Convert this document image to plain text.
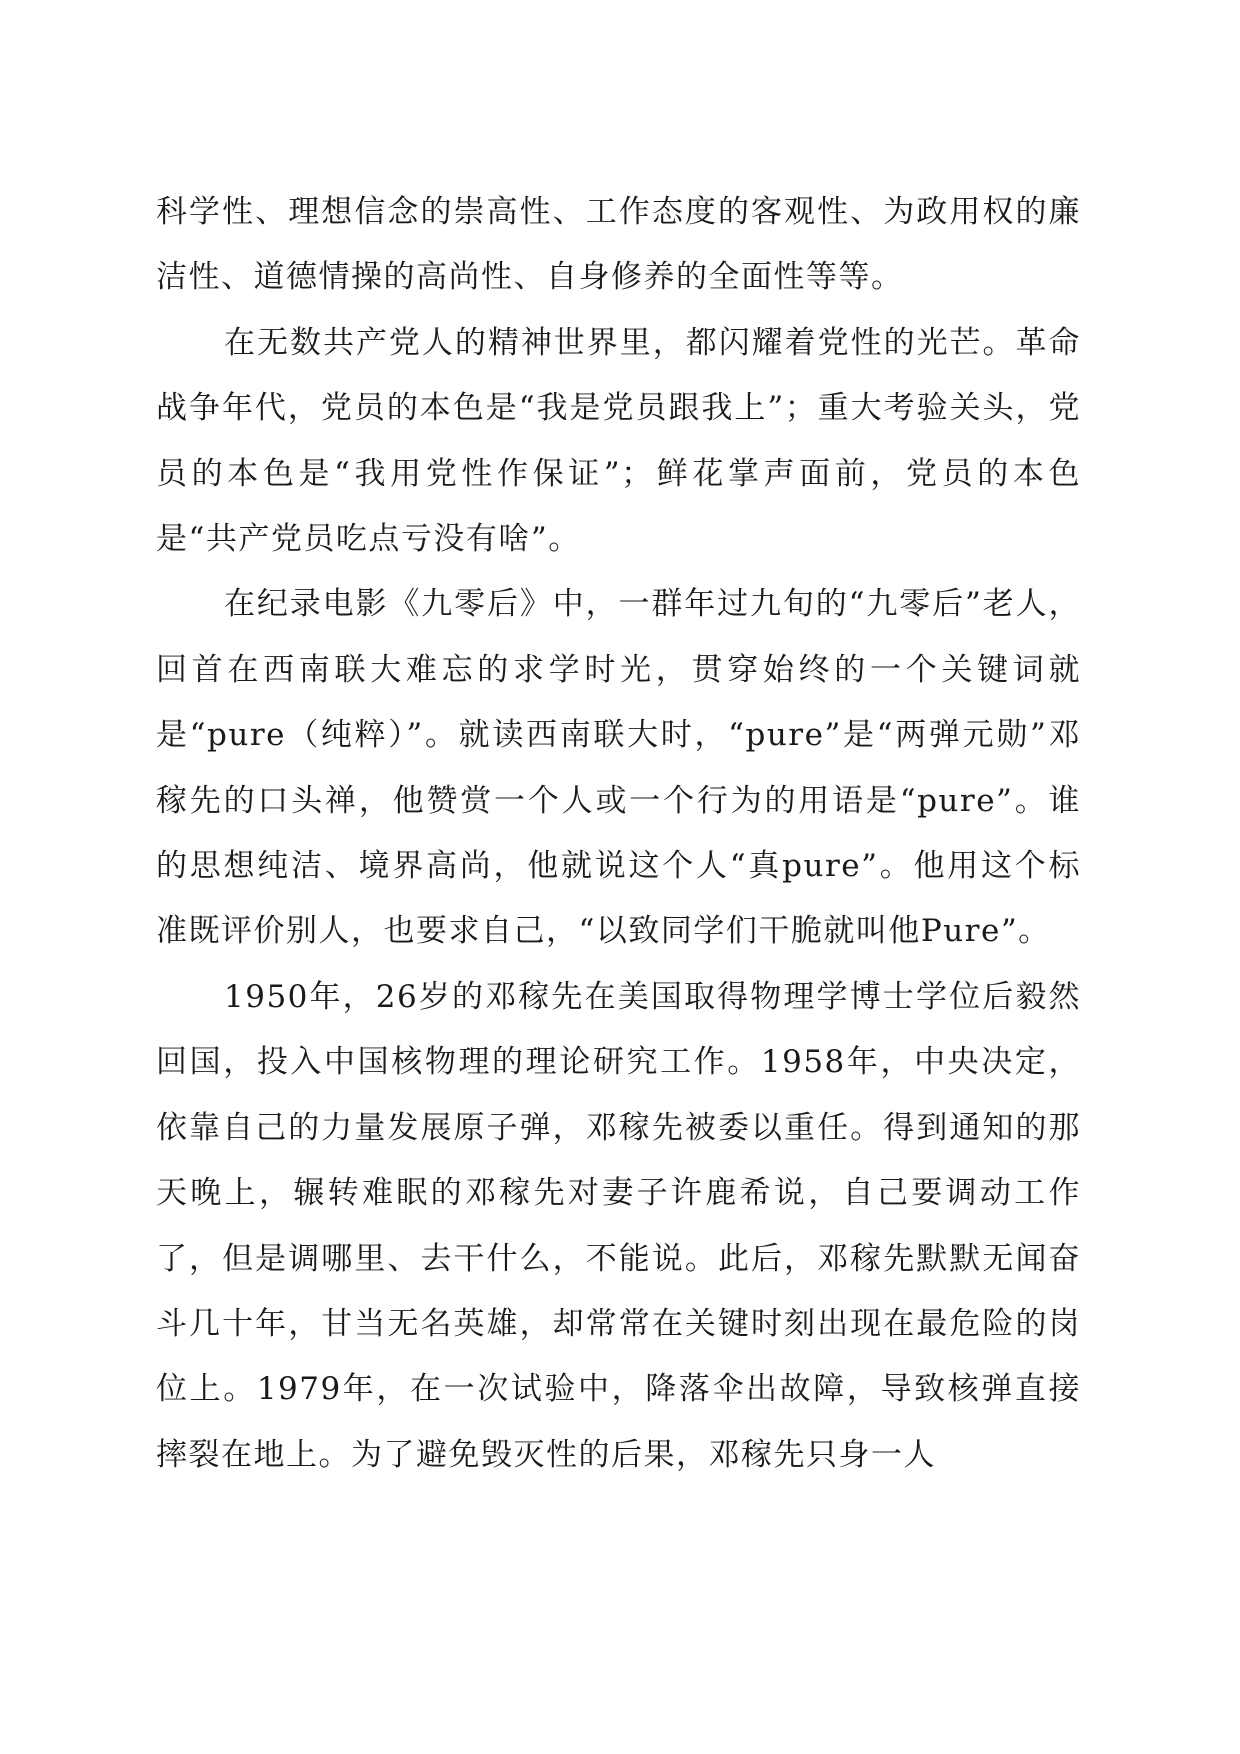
科学性、理想信念的崇高性、工作态度的客观性、为政用权的廉洁性、道德情操的高尚性、自身修养的全面性等等。

在无数共产党人的精神世界里，都闪耀着党性的光芒。革命战争年代，党员的本色是“我是党员跟我上”；重大考验关头，党员的本色是“我用党性作保证”；鲜花掌声面前，党员的本色是“共产党员吃点亏没有啥”。

在纪录电影《九零后》中，一群年过九旬的“九零后”老人，回首在西南联大难忘的求学时光，贯穿始终的一个关键词就是“pure（纯粹）”。就读西南联大时，“pure”是“两弹元勋”邓稼先的口头禅，他赞赏一个人或一个行为的用语是“pure”。谁的思想纯洁、境界高尚，他就说这个人“真pure”。他用这个标准既评价别人，也要求自己，“以致同学们干脆就叫他Pure”。

1950年，26岁的邓稼先在美国取得物理学博士学位后毅然回国，投入中国核物理的理论研究工作。1958年，中央决定，依靠自己的力量发展原子弹，邓稼先被委以重任。得到通知的那天晚上，辗转难眠的邓稼先对妻子许鹿希说，自己要调动工作了，但是调哪里、去干什么，不能说。此后，邓稼先默默无闻奋斗几十年，甘当无名英雄，却常常在关键时刻出现在最危险的岗位上。1979年，在一次试验中，降落伞出故障，导致核弹直接摔裂在地上。为了避免毁灭性的后果，邓稼先只身一人
